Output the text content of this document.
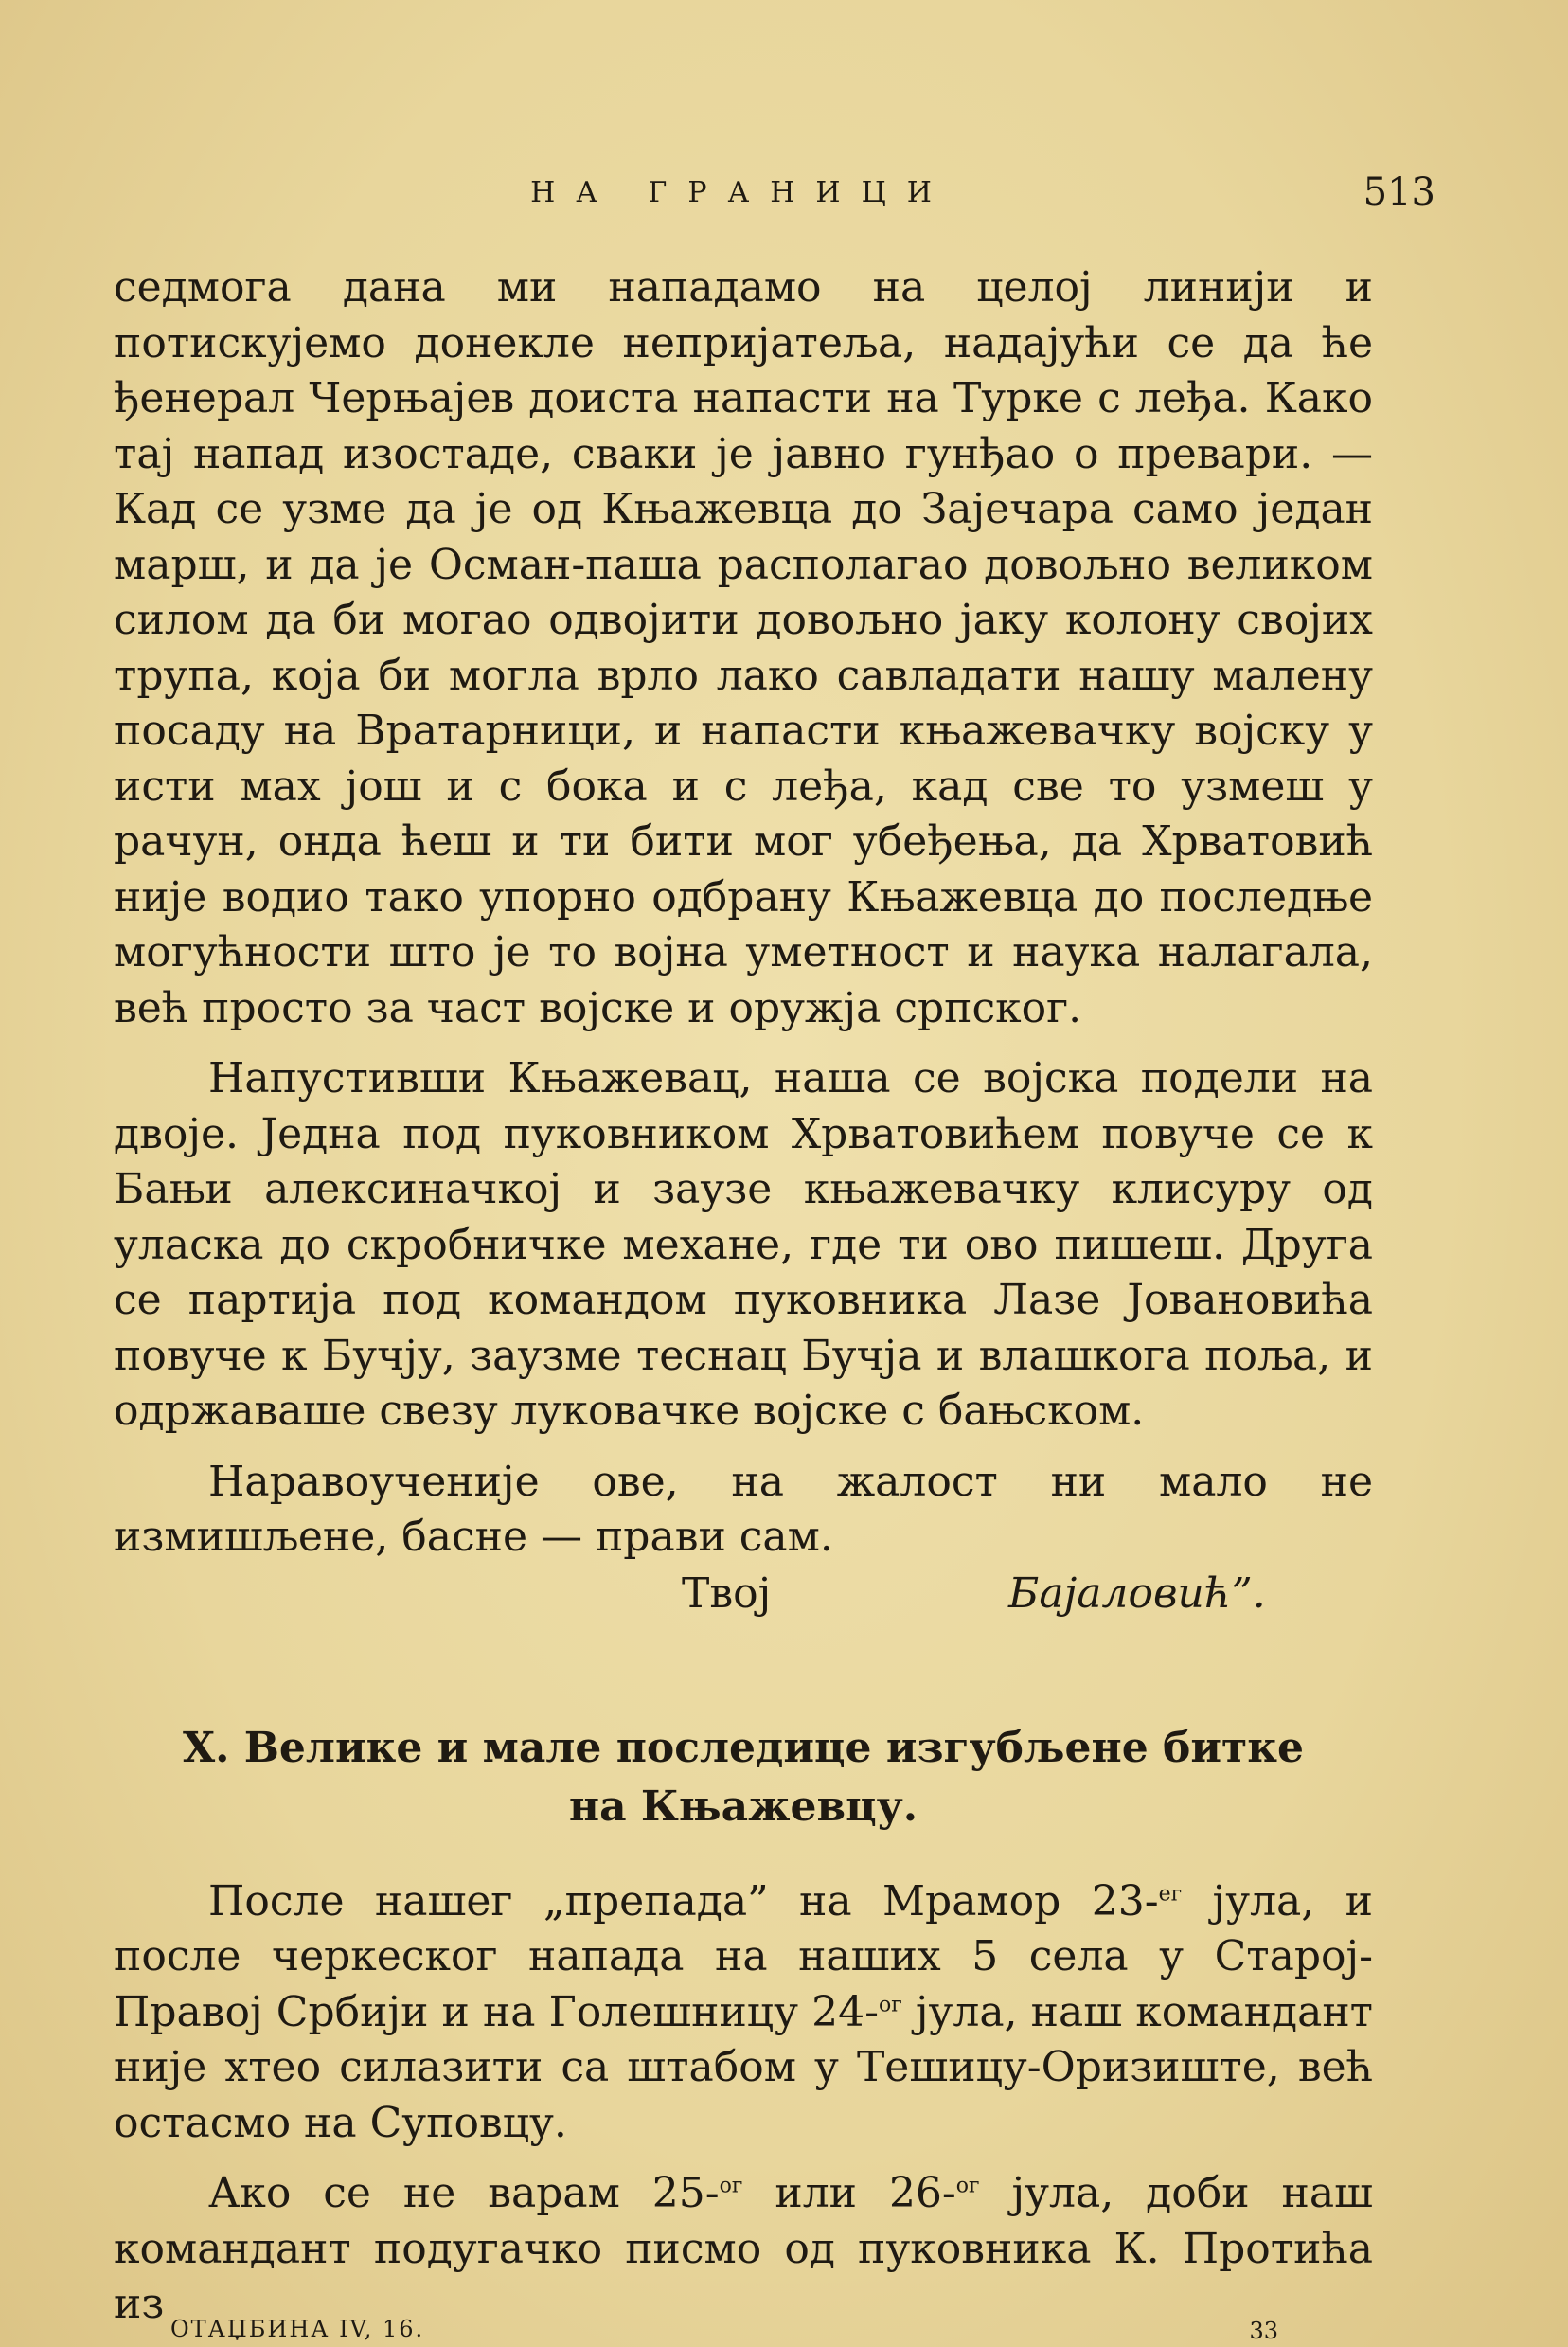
НА ГРАНИЦИ	513

седмога дана ми нападамо на целој линији и потискујемо донекле непријатеља, надајући се да ће ђенерал Черњајев доиста напасти на Турке с леђа. Како тај напад изостаде, сваки је јавно гунђао о превари. — Кад се узме да је од Књажевца до Зајечара само један марш, и да је Осман-паша располагао довољно великом силом да би могао одвојити довољно јаку колону својих трупа, која би могла врло лако савладати нашу малену посаду на Вратарници, и напасти књажевачку војску у исти мах још и с бока и с леђа, кад све то узмеш у рачун, онда ћеш и ти бити мог убеђења, да Хрватовић није водио тако упорно одбрану Књажевца до последње могућности што је то војна уметност и наука налагала, већ просто за част војске и оружја српског.

Напустивши Књажевац, наша се војска подели на двоје. Једна под пуковником Хрватовићем повуче се к Бањи алексиначкој и заузе књажевачку клисуру од уласка до скробничке механе, где ти ово пишеш. Друга се партија под командом пуковника Лазе Јовановића повуче к Бучју, заузме теснац Бучја и влашкога поља, и одржаваше свезу луковачке војске с бањском.

Наравоученије ове, на жалост ни мало не измишљене, басне — прави сам.

Твој	Бајаловић”.
X. Велике и мале последице изгубљене битке
на Књажевцу.

После нашег „препада” на Мрамор 23-$^{ег}$ јула, и после черкеског напада на наших 5 села у Старој-Правој Србији и на Голешницу 24-$^{ог}$ јула, наш командант није хтео силазити са штабом у Тешицу-Оризиште, већ остасмо на Суповцу.

Ако се не варам 25-$^{ог}$ или 26-$^{ог}$ јула, доби наш командант подугачко писмо од пуковника К. Протића из

ОТАЏБИНА IV, 16.	33
